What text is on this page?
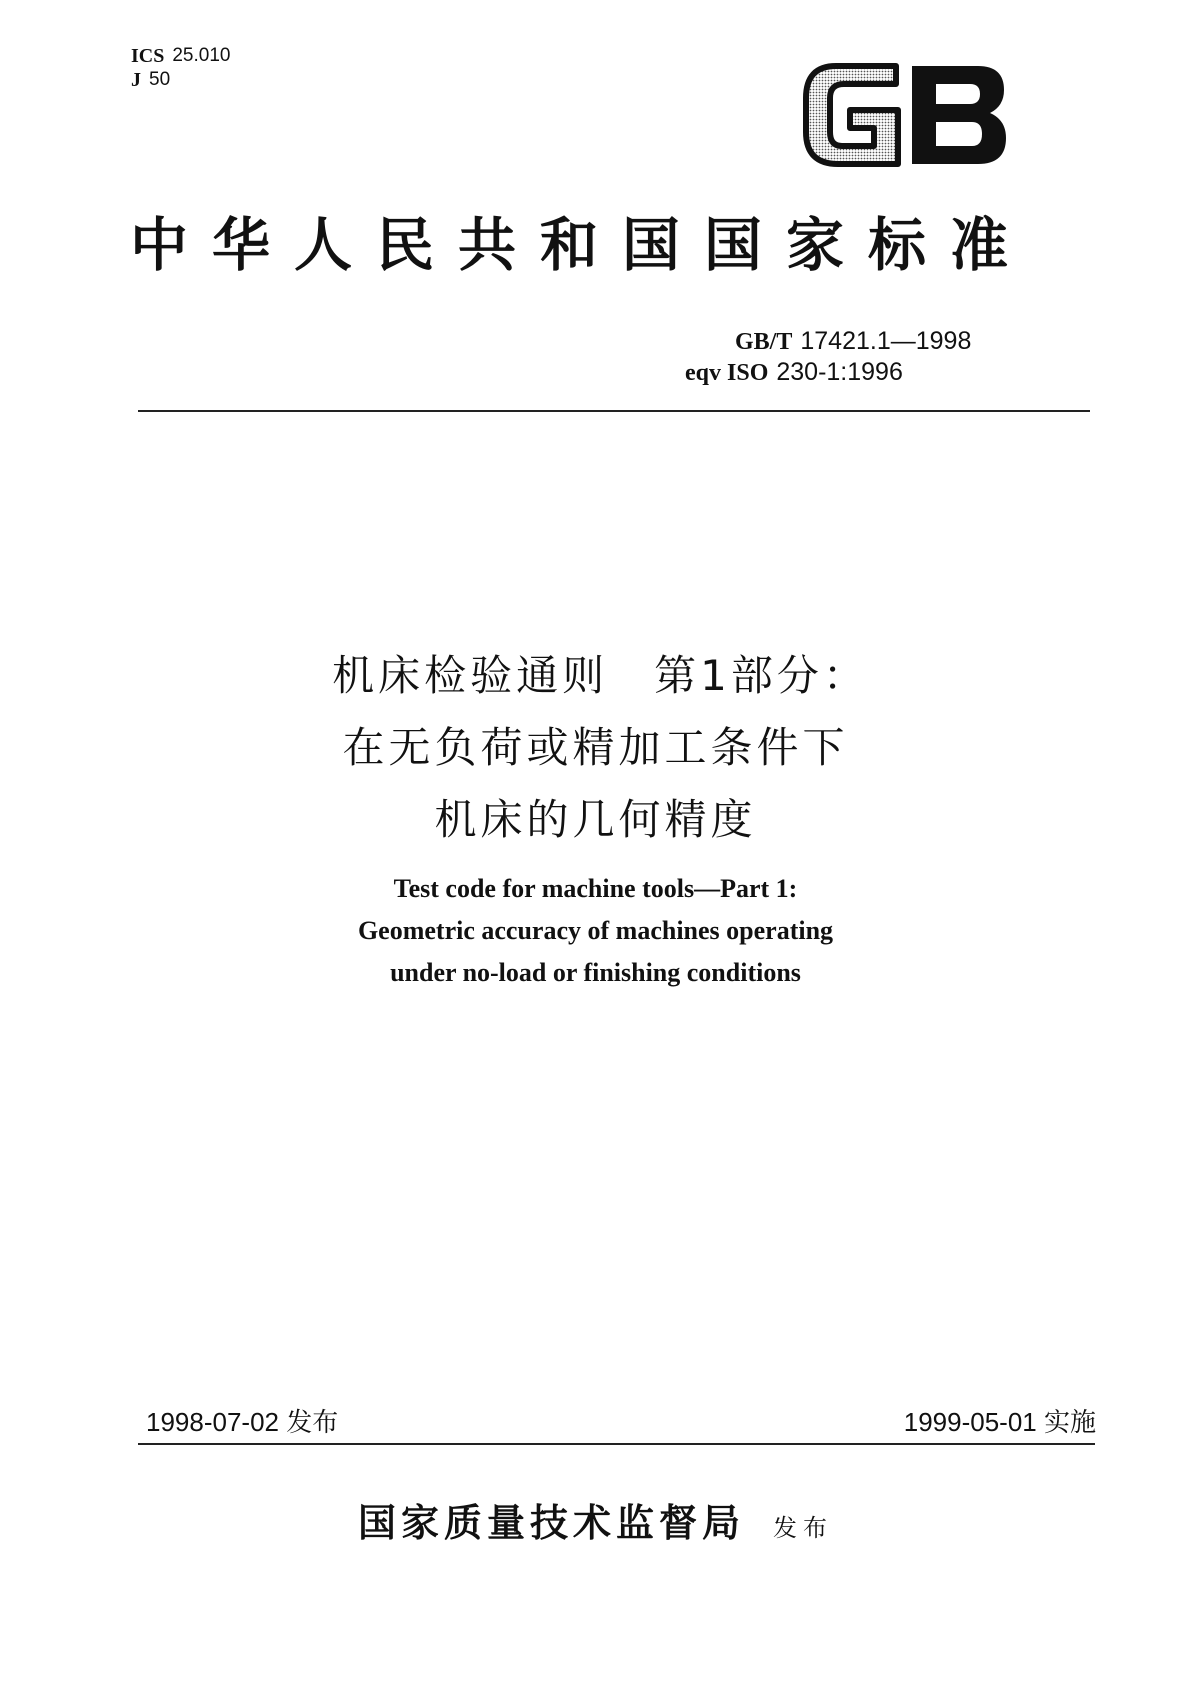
ICS 25.010
J 50
中华人民共和国国家标准
GB/T 17421.1—1998
eqv ISO 230-1:1996
机床检验通则　第1部分：
在无负荷或精加工条件下
机床的几何精度
Test code for machine tools—Part 1:
Geometric accuracy of machines operating
under no-load or finishing conditions
1998-07-02 发布	1999-05-01 实施
国家质量技术监督局 发布
